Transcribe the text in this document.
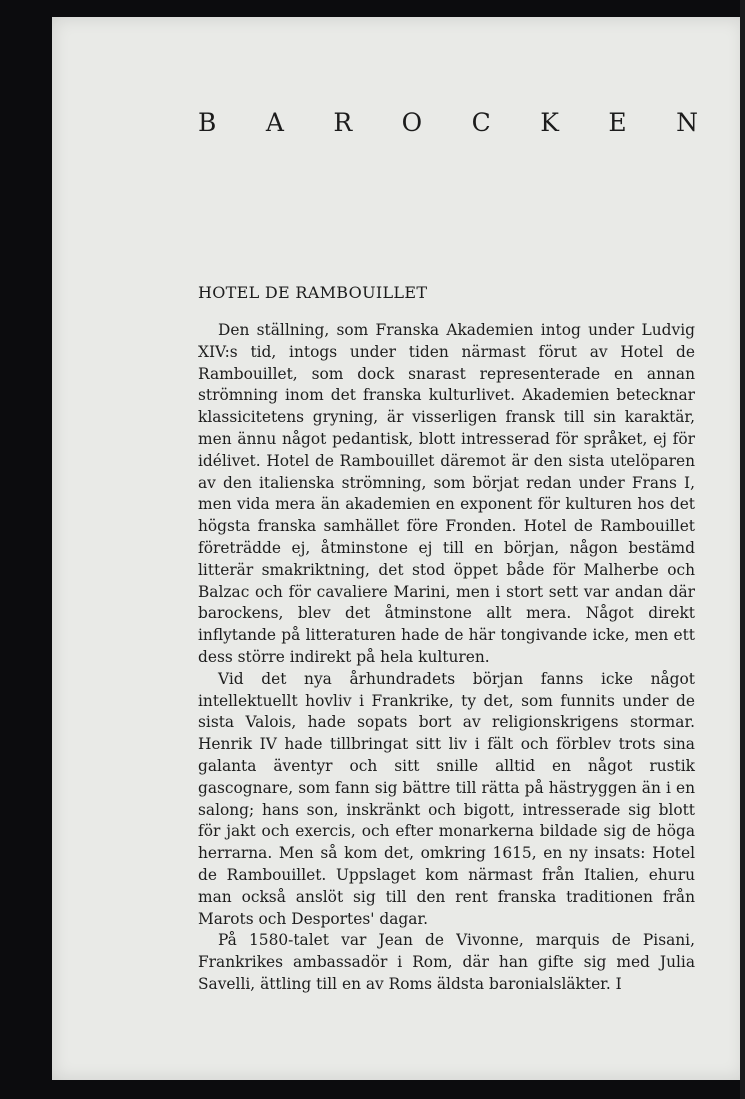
B A R O C K E N
HOTEL DE RAMBOUILLET

Den ställning, som Franska Akademien intog under Ludvig XIV:s tid, intogs under tiden närmast förut av Hotel de Rambouillet, som dock snarast representerade en annan strömning inom det franska kulturlivet. Akademien betecknar klassicitetens gryning, är visserligen fransk till sin karaktär, men ännu något pedantisk, blott intresserad för språket, ej för idélivet. Hotel de Rambouillet däremot är den sista utelöparen av den italienska strömning, som börjat redan under Frans I, men vida mera än akademien en exponent för kulturen hos det högsta franska samhället före Fronden. Hotel de Rambouillet företrädde ej, åtminstone ej till en början, någon bestämd litterär smakriktning, det stod öppet både för Malherbe och Balzac och för cavaliere Marini, men i stort sett var andan där barockens, blev det åtminstone allt mera. Något direkt inflytande på litteraturen hade de här tongivande icke, men ett dess större indirekt på hela kulturen.

Vid det nya århundradets början fanns icke något intellektuellt hovliv i Frankrike, ty det, som funnits under de sista Valois, hade sopats bort av religionskrigens stormar. Henrik IV hade tillbringat sitt liv i fält och förblev trots sina galanta äventyr och sitt snille alltid en något rustik gascognare, som fann sig bättre till rätta på hästryggen än i en salong; hans son, inskränkt och bigott, intresserade sig blott för jakt och exercis, och efter monarkerna bildade sig de höga herrarna. Men så kom det, omkring 1615, en ny insats: Hotel de Rambouillet. Uppslaget kom närmast från Italien, ehuru man också anslöt sig till den rent franska traditionen från Marots och Desportes' dagar.

På 1580-talet var Jean de Vivonne, marquis de Pisani, Frankrikes ambassadör i Rom, där han gifte sig med Julia Savelli, ättling till en av Roms äldsta baronialsläkter. I
